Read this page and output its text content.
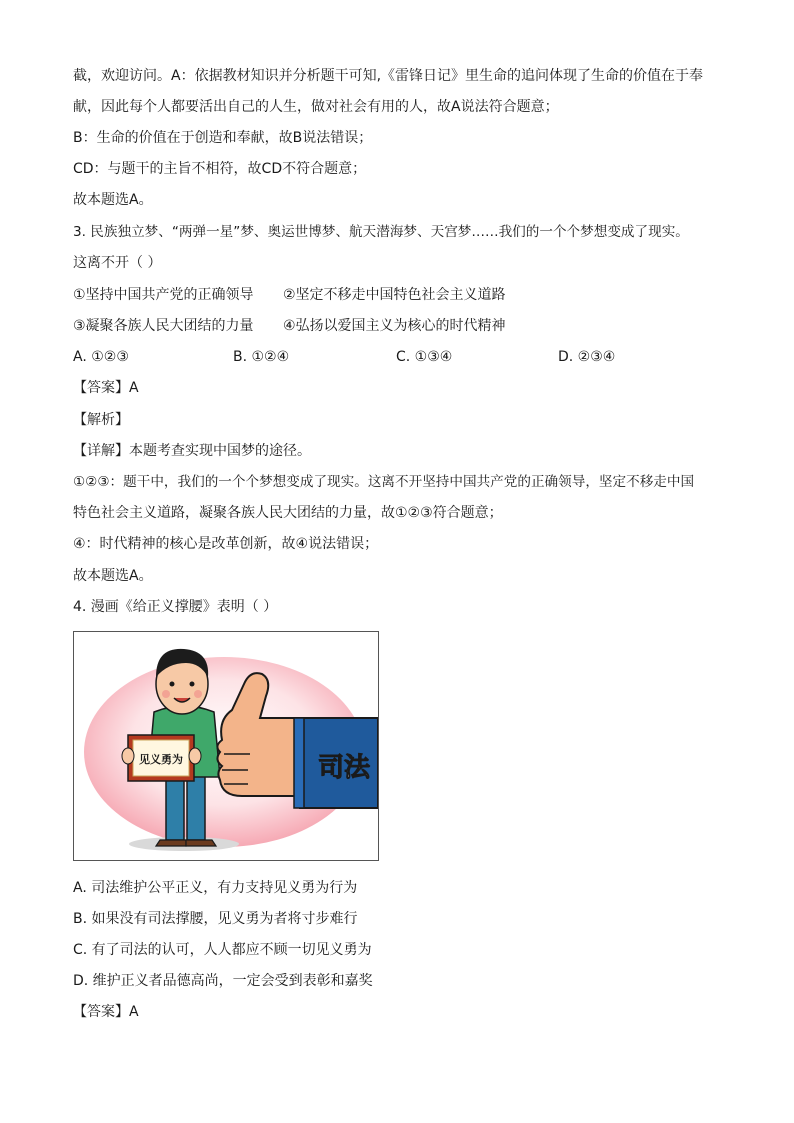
截，欢迎访问。A：依据教材知识并分析题干可知,《雷锋日记》里生命的追问体现了生命的价值在于奉
献，因此每个人都要活出自己的人生，做对社会有用的人，故A说法符合题意；
B：生命的价值在于创造和奉献，故B说法错误；
CD：与题干的主旨不相符，故CD不符合题意；
故本题选A。
3. 民族独立梦、“两弹一星”梦、奥运世博梦、航天潜海梦、天宫梦……我们的一个个梦想变成了现实。
这离不开（ ）
①坚持中国共产党的正确领导 ②坚定不移走中国特色社会主义道路
③凝聚各族人民大团结的力量 ④弘扬以爱国主义为核心的时代精神
A. ①②③	B. ①②④	C. ①③④	D. ②③④
【答案】A
【解析】
【详解】本题考查实现中国梦的途径。
①②③：题干中，我们的一个个梦想变成了现实。这离不开坚持中国共产党的正确领导，坚定不移走中国
特色社会主义道路，凝聚各族人民大团结的力量，故①②③符合题意；
④：时代精神的核心是改革创新，故④说法错误；
故本题选A。
4. 漫画《给正义撑腰》表明（ ）
见义勇为	司法
A. 司法维护公平正义，有力支持见义勇为行为
B. 如果没有司法撑腰，见义勇为者将寸步难行
C. 有了司法的认可，人人都应不顾一切见义勇为
D. 维护正义者品德高尚，一定会受到表彰和嘉奖
【答案】A
